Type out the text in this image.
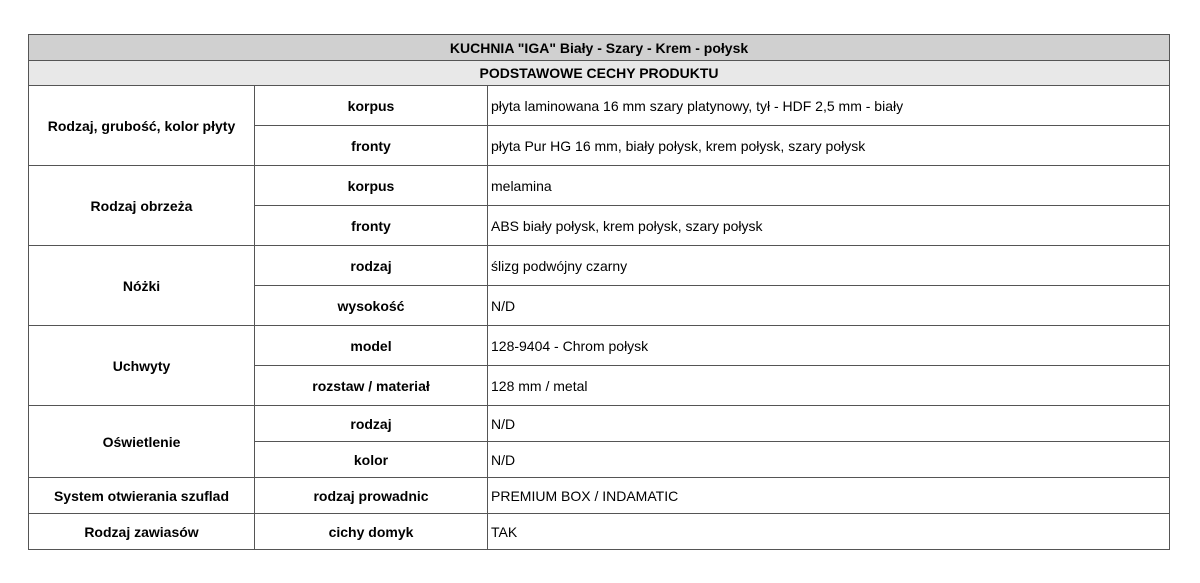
KUCHNIA "IGA" Biały - Szary - Krem - połysk		
PODSTAWOWE CECHY PRODUKTU		
Rodzaj, grubość, kolor płyty	korpus	płyta laminowana 16 mm szary platynowy, tył - HDF 2,5 mm - biały
	fronty	płyta Pur HG 16 mm, biały połysk, krem połysk, szary połysk
Rodzaj obrzeża	korpus	melamina
	fronty	ABS biały połysk, krem połysk, szary połysk
Nóżki	rodzaj	ślizg podwójny czarny
	wysokość	N/D
Uchwyty	model	128-9404 - Chrom połysk
	rozstaw / materiał	128 mm / metal
Oświetlenie	rodzaj	N/D
	kolor	N/D
System otwierania szuflad	rodzaj prowadnic	PREMIUM BOX / INDAMATIC
Rodzaj zawiasów	cichy domyk	TAK
